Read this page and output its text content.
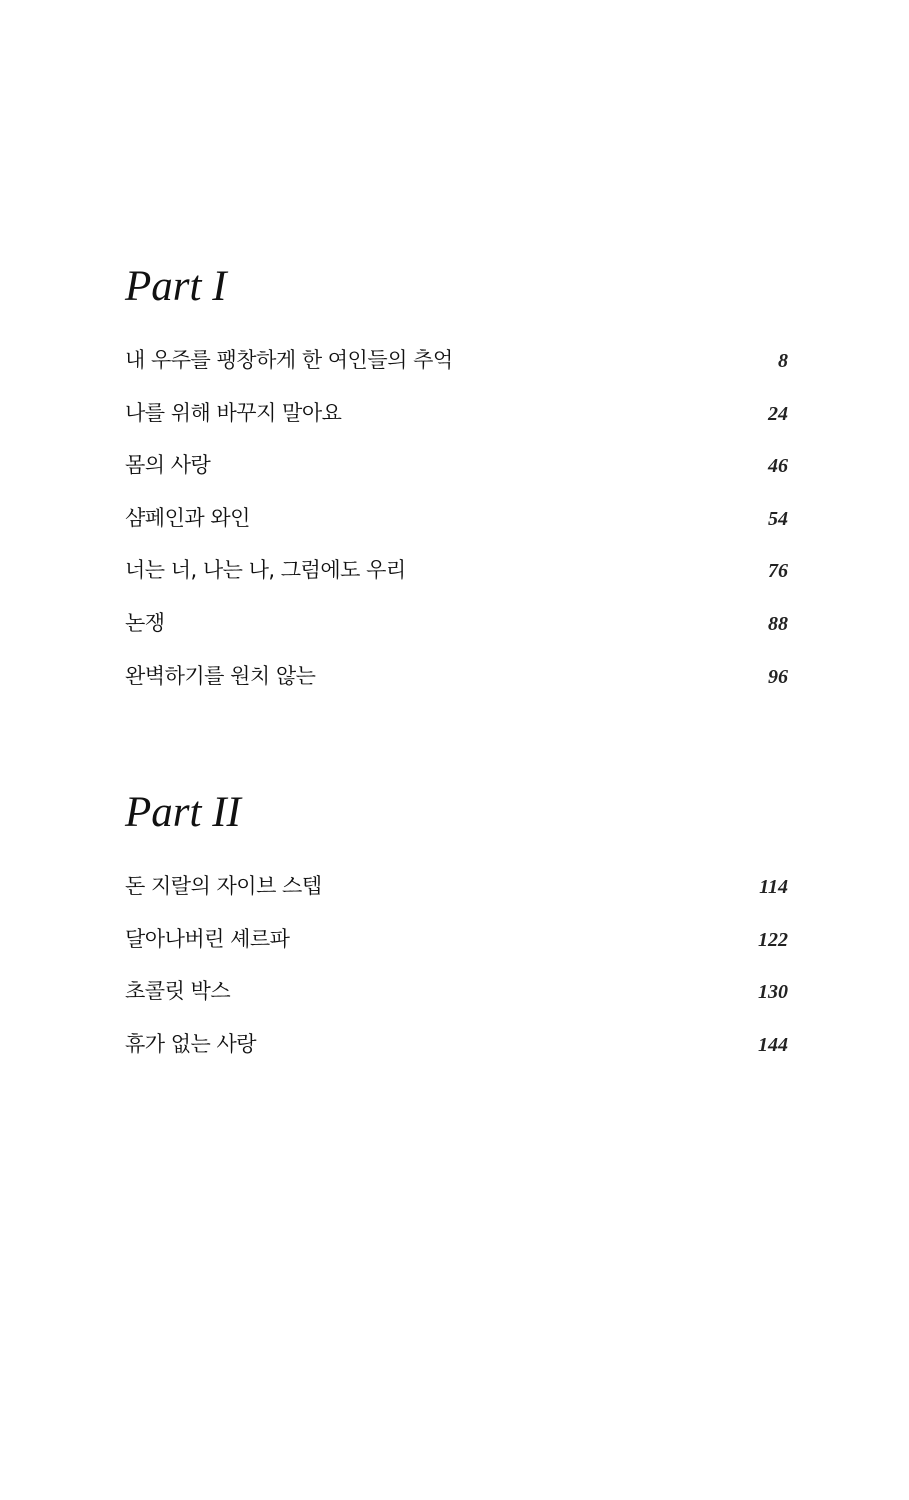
Part I
내 우주를 팽창하게 한 여인들의 추억	8
나를 위해 바꾸지 말아요	24
몸의 사랑	46
샴페인과 와인	54
너는 너, 나는 나, 그럼에도 우리	76
논쟁	88
완벽하기를 원치 않는	96
Part II
돈 지랄의 자이브 스텝	114
달아나버린 셰르파	122
초콜릿 박스	130
휴가 없는 사랑	144
